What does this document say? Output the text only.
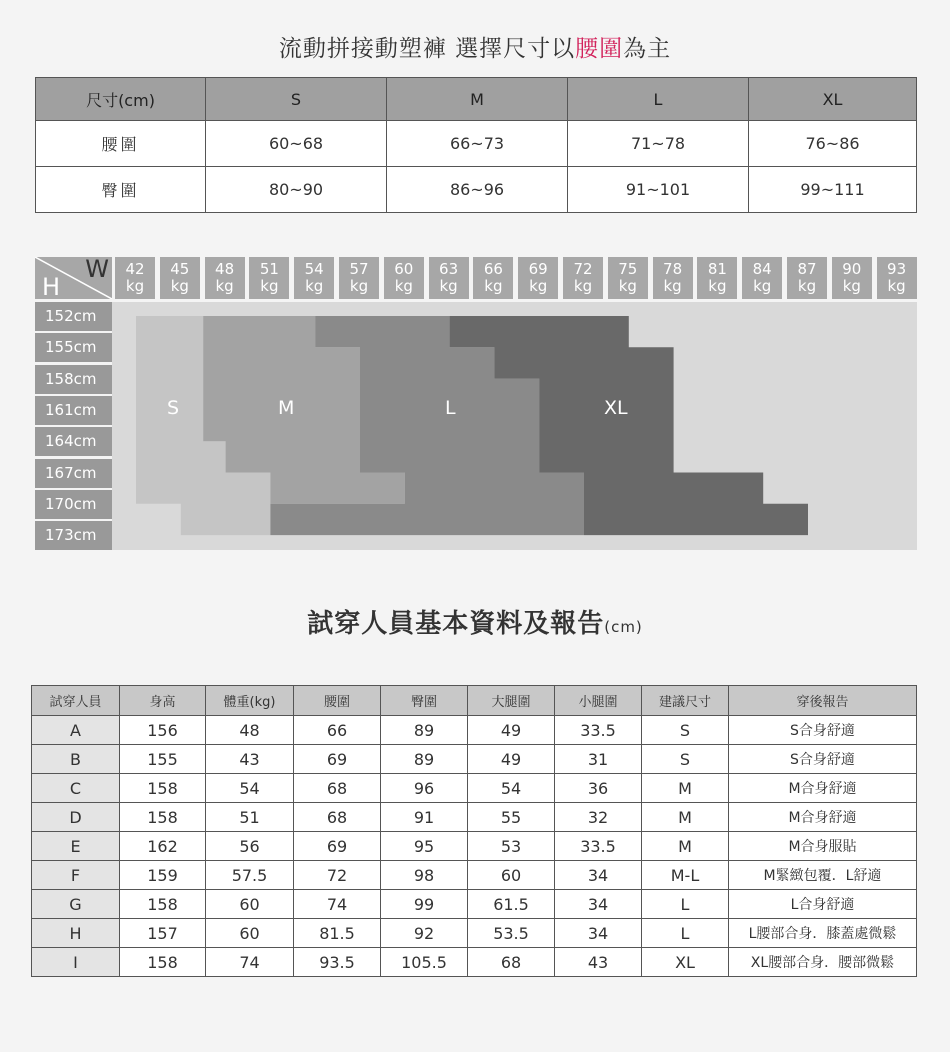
流動拼接動塑褲 選擇尺寸以腰圍為主
尺寸(cm)	S	M	L	XL
腰圍	60~68	66~73	71~78	76~86
臀圍	80~90	86~96	91~101	99~111
W
H
42
kg
45
kg
48
kg
51
kg
54
kg
57
kg
60
kg
63
kg
66
kg
69
kg
72
kg
75
kg
78
kg
81
kg
84
kg
87
kg
90
kg
93
kg
152cm
155cm
158cm
161cm
164cm
167cm
170cm
173cm
S	M	L	XL
試穿人員基本資料及報告(cm)
試穿人員	身高	體重(kg)	腰圍	臀圍	大腿圍	小腿圍	建議尺寸	穿後報告
A	156	48	66	89	49	33.5	S	S合身舒適
B	155	43	69	89	49	31	S	S合身舒適
C	158	54	68	96	54	36	M	M合身舒適
D	158	51	68	91	55	32	M	M合身舒適
E	162	56	69	95	53	33.5	M	M合身服貼
F	159	57.5	72	98	60	34	M-L	M緊緻包覆．L舒適
G	158	60	74	99	61.5	34	L	L合身舒適
H	157	60	81.5	92	53.5	34	L	L腰部合身．膝蓋處微鬆
I	158	74	93.5	105.5	68	43	XL	XL腰部合身．腰部微鬆
